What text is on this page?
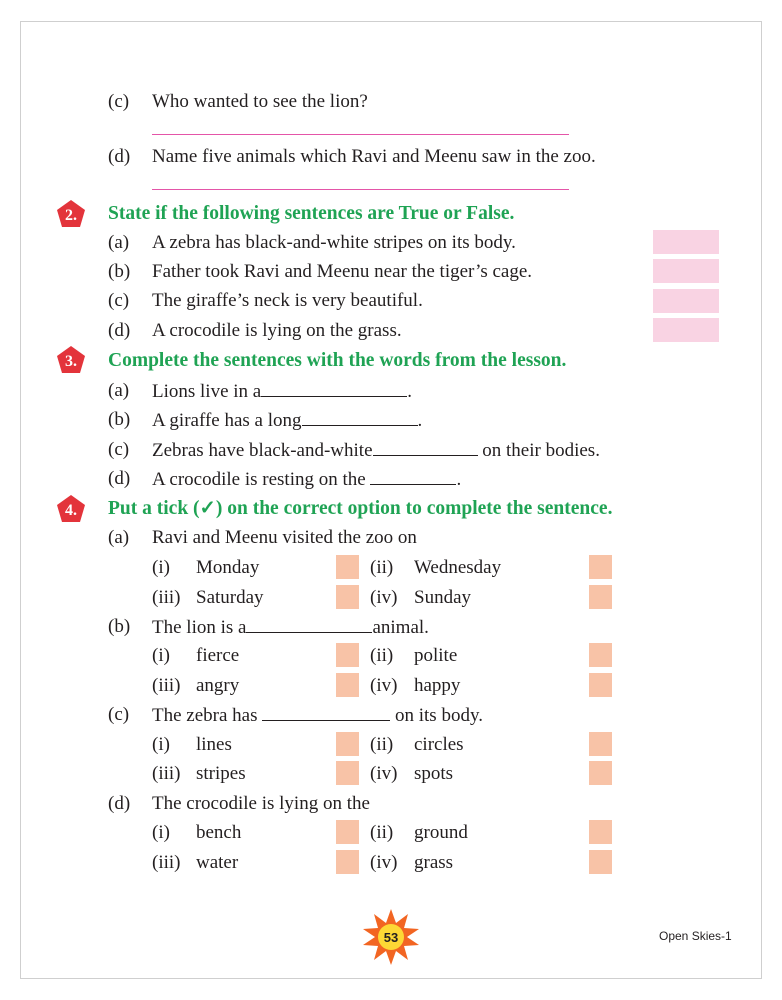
(c) Who wanted to see the lion?
(d) Name five animals which Ravi and Meenu saw in the zoo.
2. State if the following sentences are True or False.
(a) A zebra has black-and-white stripes on its body.
(b) Father took Ravi and Meenu near the tiger’s cage.
(c) The giraffe’s neck is very beautiful.
(d) A crocodile is lying on the grass.
3. Complete the sentences with the words from the lesson.
(a) Lions live in a	.
(b) A giraffe has a long	.
(c) Zebras have black-and-white	on their bodies.
(d) A crocodile is resting on the	.
4. Put a tick (✓) on the correct option to complete the sentence.
(a) Ravi and Meenu visited the zoo on
(i) Monday	(ii) Wednesday
(iii) Saturday	(iv) Sunday
(b) The lion is a	animal.
(i) fierce	(ii) polite
(iii) angry	(iv) happy
(c) The zebra has	on its body.
(i) lines	(ii) circles
(iii) stripes	(iv) spots
(d) The crocodile is lying on the
(i) bench	(ii) ground
(iii) water	(iv) grass
53	Open Skies-1
